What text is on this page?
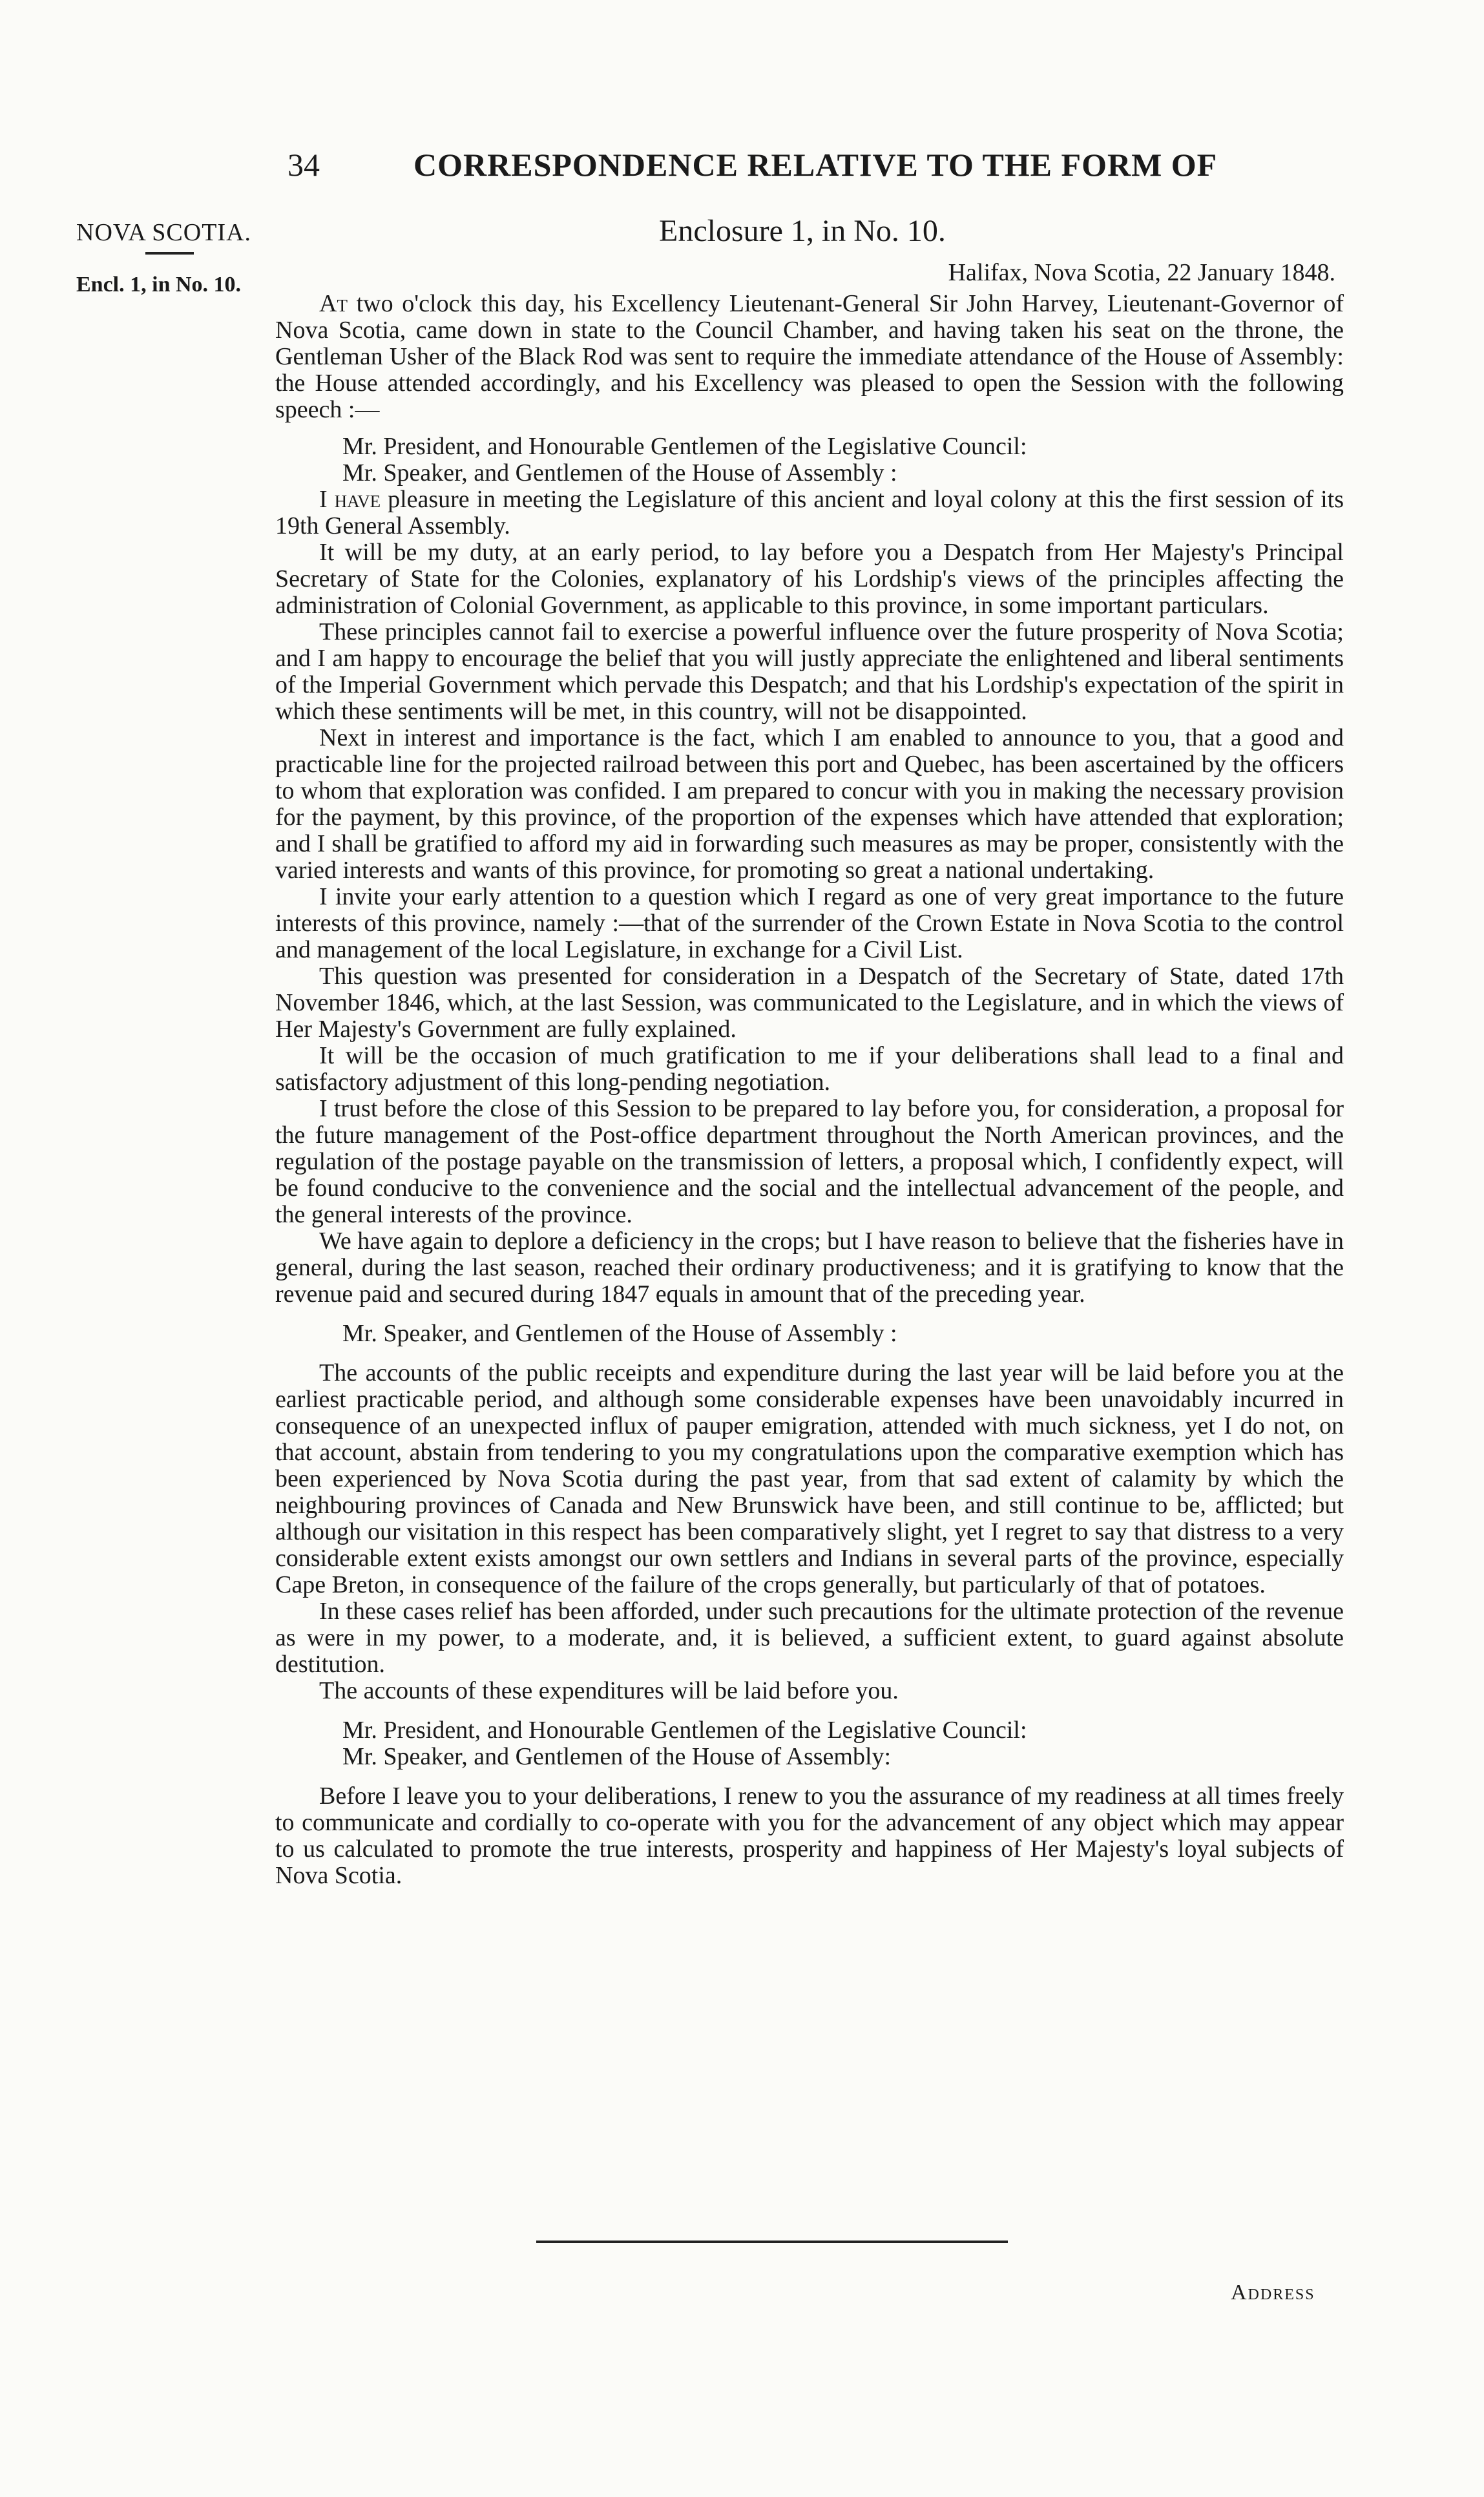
34	CORRESPONDENCE RELATIVE TO THE FORM OF
NOVA SCOTIA.
Encl. 1, in No. 10.
Enclosure 1, in No. 10.
Halifax, Nova Scotia, 22 January 1848.

At two o'clock this day, his Excellency Lieutenant-General Sir John Harvey, Lieutenant-Governor of Nova Scotia, came down in state to the Council Chamber, and having taken his seat on the throne, the Gentleman Usher of the Black Rod was sent to require the immediate attendance of the House of Assembly: the House attended accordingly, and his Excellency was pleased to open the Session with the following speech :—

Mr. President, and Honourable Gentlemen of the Legislative Council:

Mr. Speaker, and Gentlemen of the House of Assembly :

I have pleasure in meeting the Legislature of this ancient and loyal colony at this the first session of its 19th General Assembly.

It will be my duty, at an early period, to lay before you a Despatch from Her Majesty's Principal Secretary of State for the Colonies, explanatory of his Lordship's views of the principles affecting the administration of Colonial Government, as applicable to this province, in some important particulars.

These principles cannot fail to exercise a powerful influence over the future prosperity of Nova Scotia; and I am happy to encourage the belief that you will justly appreciate the enlightened and liberal sentiments of the Imperial Government which pervade this Despatch; and that his Lordship's expectation of the spirit in which these sentiments will be met, in this country, will not be disappointed.

Next in interest and importance is the fact, which I am enabled to announce to you, that a good and practicable line for the projected railroad between this port and Quebec, has been ascertained by the officers to whom that exploration was confided. I am prepared to concur with you in making the necessary provision for the payment, by this province, of the proportion of the expenses which have attended that exploration; and I shall be gratified to afford my aid in forwarding such measures as may be proper, consistently with the varied interests and wants of this province, for promoting so great a national undertaking.

I invite your early attention to a question which I regard as one of very great importance to the future interests of this province, namely :—that of the surrender of the Crown Estate in Nova Scotia to the control and management of the local Legislature, in exchange for a Civil List.

This question was presented for consideration in a Despatch of the Secretary of State, dated 17th November 1846, which, at the last Session, was communicated to the Legislature, and in which the views of Her Majesty's Government are fully explained.

It will be the occasion of much gratification to me if your deliberations shall lead to a final and satisfactory adjustment of this long-pending negotiation.

I trust before the close of this Session to be prepared to lay before you, for consideration, a proposal for the future management of the Post-office department throughout the North American provinces, and the regulation of the postage payable on the transmission of letters, a proposal which, I confidently expect, will be found conducive to the convenience and the social and the intellectual advancement of the people, and the general interests of the province.

We have again to deplore a deficiency in the crops; but I have reason to believe that the fisheries have in general, during the last season, reached their ordinary productiveness; and it is gratifying to know that the revenue paid and secured during 1847 equals in amount that of the preceding year.

Mr. Speaker, and Gentlemen of the House of Assembly :

The accounts of the public receipts and expenditure during the last year will be laid before you at the earliest practicable period, and although some considerable expenses have been unavoidably incurred in consequence of an unexpected influx of pauper emigration, attended with much sickness, yet I do not, on that account, abstain from tendering to you my congratulations upon the comparative exemption which has been experienced by Nova Scotia during the past year, from that sad extent of calamity by which the neighbouring provinces of Canada and New Brunswick have been, and still continue to be, afflicted; but although our visitation in this respect has been comparatively slight, yet I regret to say that distress to a very considerable extent exists amongst our own settlers and Indians in several parts of the province, especially Cape Breton, in consequence of the failure of the crops generally, but particularly of that of potatoes.

In these cases relief has been afforded, under such precautions for the ultimate protection of the revenue as were in my power, to a moderate, and, it is believed, a sufficient extent, to guard against absolute destitution.

The accounts of these expenditures will be laid before you.

Mr. President, and Honourable Gentlemen of the Legislative Council:

Mr. Speaker, and Gentlemen of the House of Assembly:

Before I leave you to your deliberations, I renew to you the assurance of my readiness at all times freely to communicate and cordially to co-operate with you for the advancement of any object which may appear to us calculated to promote the true interests, prosperity and happiness of Her Majesty's loyal subjects of Nova Scotia.

Address
